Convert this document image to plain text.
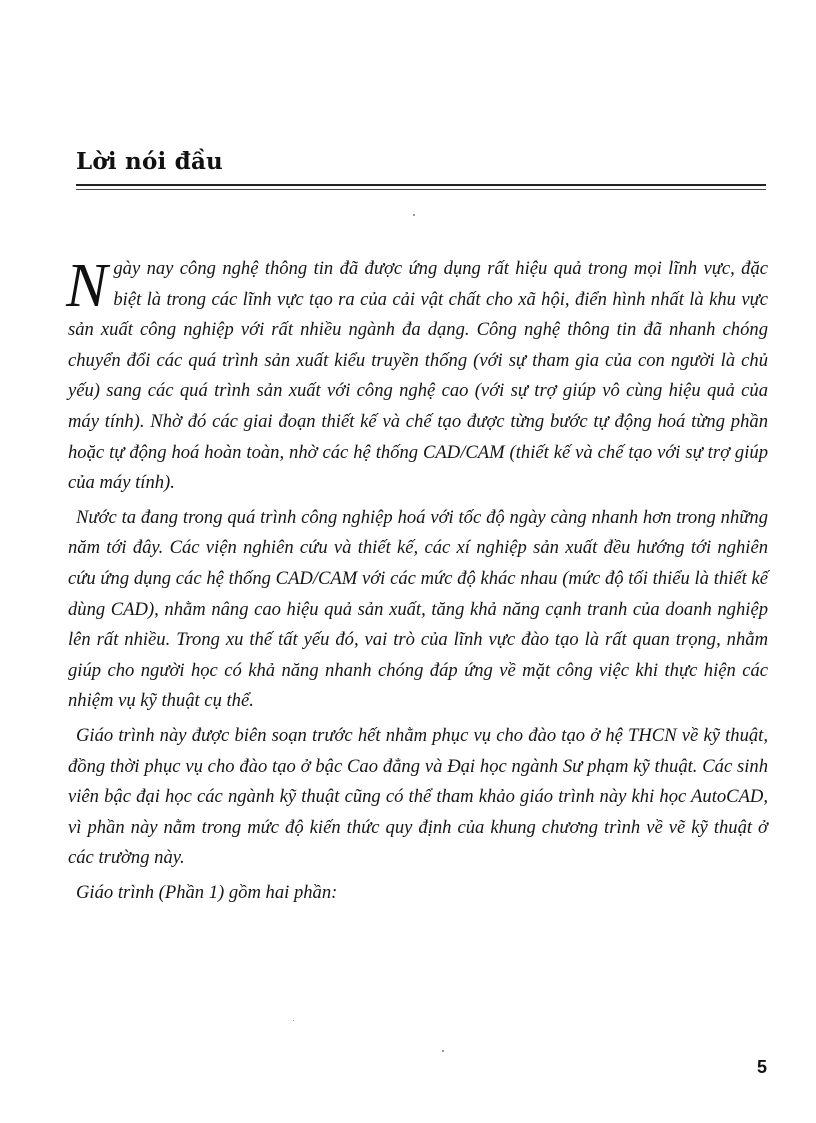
Lời nói đầu

Ngày nay công nghệ thông tin đã được ứng dụng rất hiệu quả trong mọi lĩnh vực, đặc biệt là trong các lĩnh vực tạo ra của cải vật chất cho xã hội, điển hình nhất là khu vực sản xuất công nghiệp với rất nhiều ngành đa dạng. Công nghệ thông tin đã nhanh chóng chuyển đổi các quá trình sản xuất kiểu truyền thống (với sự tham gia của con người là chủ yếu) sang các quá trình sản xuất với công nghệ cao (với sự trợ giúp vô cùng hiệu quả của máy tính). Nhờ đó các giai đoạn thiết kế và chế tạo được từng bước tự động hoá từng phần hoặc tự động hoá hoàn toàn, nhờ các hệ thống CAD/CAM (thiết kế và chế tạo với sự trợ giúp của máy tính).

Nước ta đang trong quá trình công nghiệp hoá với tốc độ ngày càng nhanh hơn trong những năm tới đây. Các viện nghiên cứu và thiết kế, các xí nghiệp sản xuất đều hướng tới nghiên cứu ứng dụng các hệ thống CAD/CAM với các mức độ khác nhau (mức độ tối thiểu là thiết kế dùng CAD), nhằm nâng cao hiệu quả sản xuất, tăng khả năng cạnh tranh của doanh nghiệp lên rất nhiều. Trong xu thế tất yếu đó, vai trò của lĩnh vực đào tạo là rất quan trọng, nhằm giúp cho người học có khả năng nhanh chóng đáp ứng về mặt công việc khi thực hiện các nhiệm vụ kỹ thuật cụ thể.

Giáo trình này được biên soạn trước hết nhằm phục vụ cho đào tạo ở hệ THCN về kỹ thuật, đồng thời phục vụ cho đào tạo ở bậc Cao đẳng và Đại học ngành Sư phạm kỹ thuật. Các sinh viên bậc đại học các ngành kỹ thuật cũng có thể tham khảo giáo trình này khi học AutoCAD, vì phần này nằm trong mức độ kiến thức quy định của khung chương trình về vẽ kỹ thuật ở các trường này.

Giáo trình (Phần 1) gồm hai phần:

5
